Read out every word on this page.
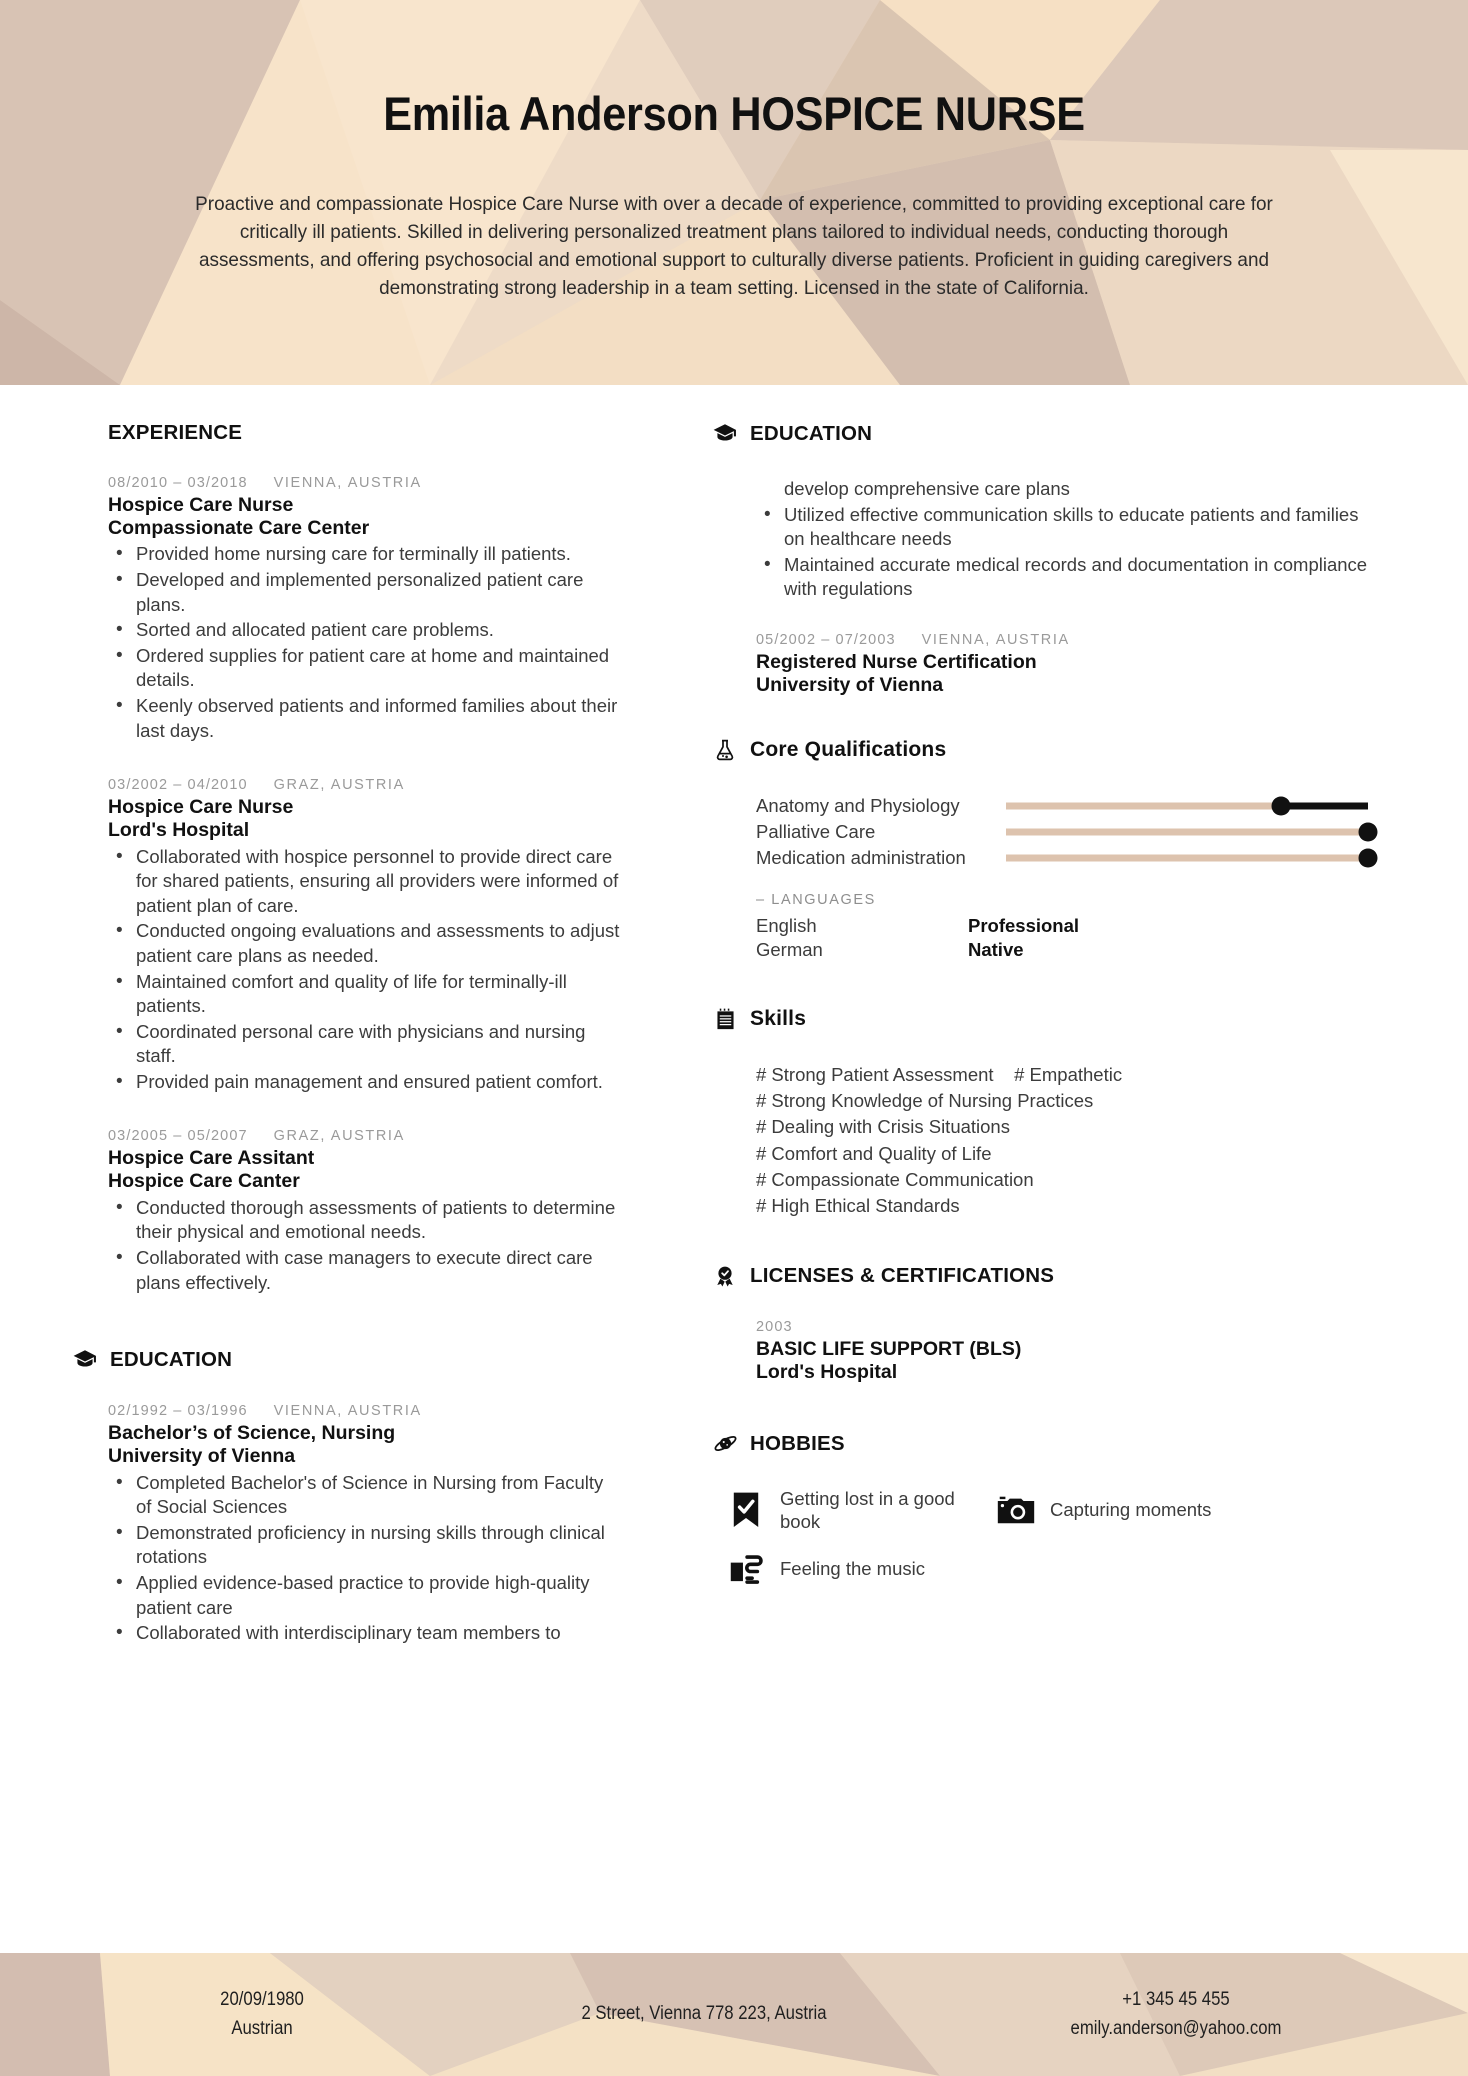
Emilia Anderson HOSPICE NURSE
Proactive and compassionate Hospice Care Nurse with over a decade of experience, committed to providing exceptional care for critically ill patients. Skilled in delivering personalized treatment plans tailored to individual needs, conducting thorough assessments, and offering psychosocial and emotional support to culturally diverse patients. Proficient in guiding caregivers and demonstrating strong leadership in a team setting. Licensed in the state of California.
EXPERIENCE
08/2010 – 03/2018 VIENNA, AUSTRIA
Hospice Care Nurse
Compassionate Care Center
• Provided home nursing care for terminally ill patients.
• Developed and implemented personalized patient care plans.
• Sorted and allocated patient care problems.
• Ordered supplies for patient care at home and maintained details.
• Keenly observed patients and informed families about their last days.
03/2002 – 04/2010 GRAZ, AUSTRIA
Hospice Care Nurse
Lord's Hospital
• Collaborated with hospice personnel to provide direct care for shared patients, ensuring all providers were informed of patient plan of care.
• Conducted ongoing evaluations and assessments to adjust patient care plans as needed.
• Maintained comfort and quality of life for terminally-ill patients.
• Coordinated personal care with physicians and nursing staff.
• Provided pain management and ensured patient comfort.
03/2005 – 05/2007 GRAZ, AUSTRIA
Hospice Care Assitant
Hospice Care Canter
• Conducted thorough assessments of patients to determine their physical and emotional needs.
• Collaborated with case managers to execute direct care plans effectively.
EDUCATION
02/1992 – 03/1996 VIENNA, AUSTRIA
Bachelor’s of Science, Nursing
University of Vienna
• Completed Bachelor's of Science in Nursing from Faculty of Social Sciences
• Demonstrated proficiency in nursing skills through clinical rotations
• Applied evidence-based practice to provide high-quality patient care
• Collaborated with interdisciplinary team members to
EDUCATION
develop comprehensive care plans
• Utilized effective communication skills to educate patients and families on healthcare needs
• Maintained accurate medical records and documentation in compliance with regulations
05/2002 – 07/2003 VIENNA, AUSTRIA
Registered Nurse Certification
University of Vienna
Core Qualifications
Anatomy and Physiology
Palliative Care
Medication administration
– LANGUAGES
English	Professional
German	Native
Skills
# Strong Patient Assessment    # Empathetic
# Strong Knowledge of Nursing Practices
# Dealing with Crisis Situations
# Comfort and Quality of Life
# Compassionate Communication
# High Ethical Standards
LICENSES & CERTIFICATIONS
2003
BASIC LIFE SUPPORT (BLS)
Lord's Hospital
HOBBIES
Getting lost in a good book
Capturing moments
Feeling the music
20/09/1980
Austrian
2 Street, Vienna 778 223, Austria
+1 345 45 455
emily.anderson@yahoo.com
